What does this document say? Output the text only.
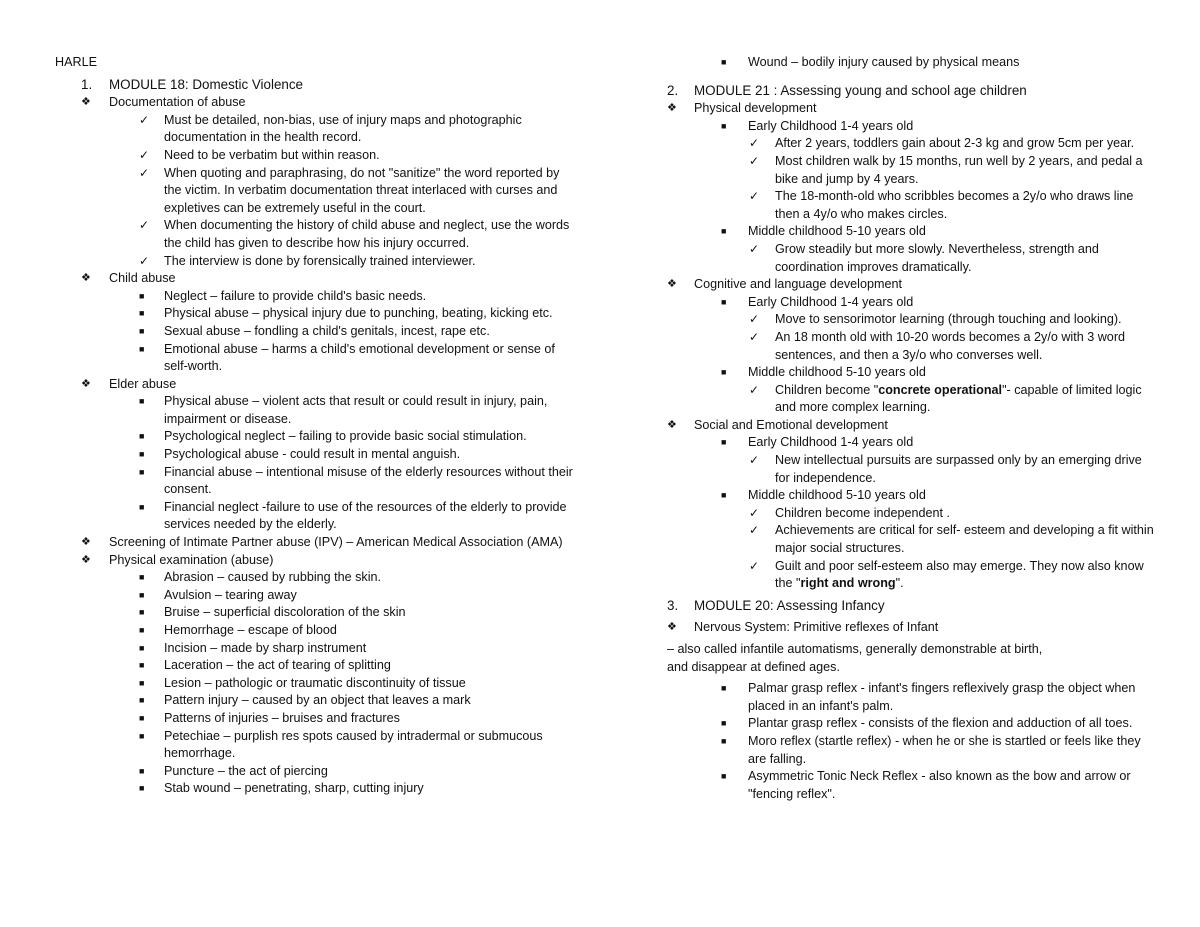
HARLE
1. MODULE 18: Domestic Violence
❖ Documentation of abuse
✓ Must be detailed, non-bias, use of injury maps and photographic documentation in the health record.
✓ Need to be verbatim but within reason.
✓ When quoting and paraphrasing, do not "sanitize" the word reported by the victim. In verbatim documentation threat interlaced with curses and expletives can be extremely useful in the court.
✓ When documenting the history of child abuse and neglect, use the words the child has given to describe how his injury occurred.
✓ The interview is done by forensically trained interviewer.
❖ Child abuse
■ Neglect – failure to provide child's basic needs.
■ Physical abuse – physical injury due to punching, beating, kicking etc.
■ Sexual abuse – fondling a child's genitals, incest, rape etc.
■ Emotional abuse – harms a child's emotional development or sense of self-worth.
❖ Elder abuse
■ Physical abuse – violent acts that result or could result in injury, pain, impairment or disease.
■ Psychological neglect – failing to provide basic social stimulation.
■ Psychological abuse - could result in mental anguish.
■ Financial abuse – intentional misuse of the elderly resources without their consent.
■ Financial neglect -failure to use of the resources of the elderly to provide services needed by the elderly.
❖ Screening of Intimate Partner abuse (IPV) – American Medical Association (AMA)
❖ Physical examination (abuse)
■ Abrasion – caused by rubbing the skin.
■ Avulsion – tearing away
■ Bruise – superficial discoloration of the skin
■ Hemorrhage – escape of blood
■ Incision – made by sharp instrument
■ Laceration – the act of tearing of splitting
■ Lesion – pathologic or traumatic discontinuity of tissue
■ Pattern injury – caused by an object that leaves a mark
■ Patterns of injuries – bruises and fractures
■ Petechiae – purplish res spots caused by intradermal or submucous hemorrhage.
■ Puncture – the act of piercing
■ Stab wound – penetrating, sharp, cutting injury
■ Wound – bodily injury caused by physical means
2. MODULE 21 : Assessing young and school age children
❖ Physical development
■ Early Childhood 1-4 years old
✓ After 2 years, toddlers gain about 2-3 kg and grow 5cm per year.
✓ Most children walk by 15 months, run well by 2 years, and pedal a bike and jump by 4 years.
✓ The 18-month-old who scribbles becomes a 2y/o who draws line then a 4y/o who makes circles.
■ Middle childhood 5-10 years old
✓ Grow steadily but more slowly. Nevertheless, strength and coordination improves dramatically.
❖ Cognitive and language development
■ Early Childhood 1-4 years old
✓ Move to sensorimotor learning (through touching and looking).
✓ An 18 month old with 10-20 words becomes a 2y/o with 3 word sentences, and then a 3y/o who converses well.
■ Middle childhood 5-10 years old
✓ Children become "concrete operational"- capable of limited logic and more complex learning.
❖ Social and Emotional development
■ Early Childhood 1-4 years old
✓ New intellectual pursuits are surpassed only by an emerging drive for independence.
■ Middle childhood 5-10 years old
✓ Children become independent .
✓ Achievements are critical for self- esteem and developing a fit within major social structures.
✓ Guilt and poor self-esteem also may emerge. They now also know the "right and wrong".
3. MODULE 20: Assessing Infancy
❖ Nervous System: Primitive reflexes of Infant
– also called infantile automatisms, generally demonstrable at birth,
and disappear at defined ages.
■ Palmar grasp reflex - infant's fingers reflexively grasp the object when placed in an infant's palm.
■ Plantar grasp reflex - consists of the flexion and adduction of all toes.
■ Moro reflex (startle reflex) - when he or she is startled or feels like they are falling.
■ Asymmetric Tonic Neck Reflex - also known as the bow and arrow or "fencing reflex".
